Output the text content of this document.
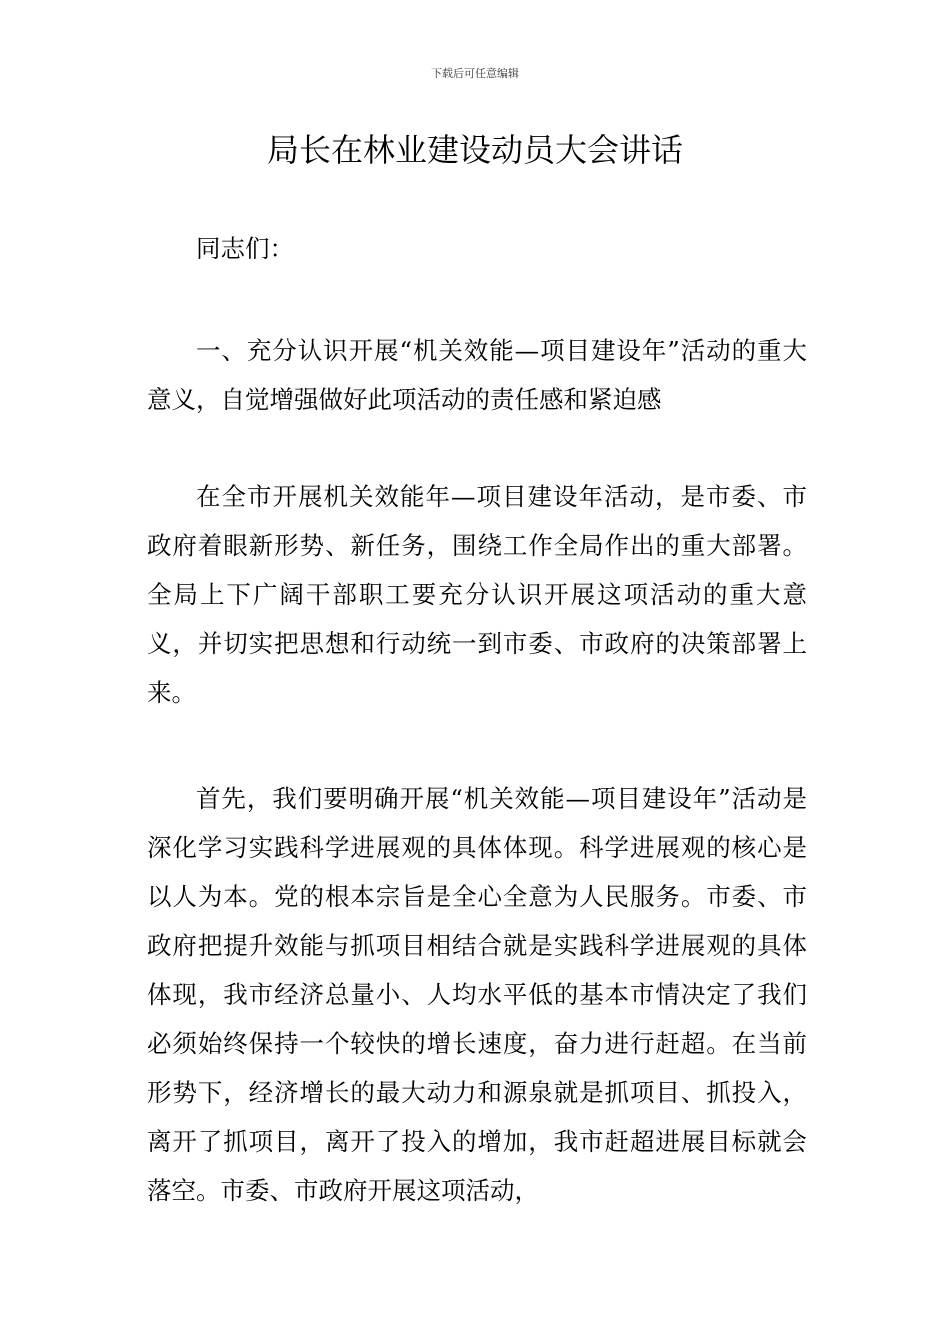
下载后可任意编辑
局长在林业建设动员大会讲话

同志们：

一、充分认识开展“机关效能—项目建设年”活动的重大意义，自觉增强做好此项活动的责任感和紧迫感

在全市开展机关效能年—项目建设年活动，是市委、市政府着眼新形势、新任务，围绕工作全局作出的重大部署。全局上下广阔干部职工要充分认识开展这项活动的重大意义，并切实把思想和行动统一到市委、市政府的决策部署上来。

首先，我们要明确开展“机关效能—项目建设年”活动是深化学习实践科学进展观的具体体现。科学进展观的核心是以人为本。党的根本宗旨是全心全意为人民服务。市委、市政府把提升效能与抓项目相结合就是实践科学进展观的具体体现，我市经济总量小、人均水平低的基本市情决定了我们必须始终保持一个较快的增长速度，奋力进行赶超。在当前形势下，经济增长的最大动力和源泉就是抓项目、抓投入，离开了抓项目，离开了投入的增加，我市赶超进展目标就会落空。市委、市政府开展这项活动，
